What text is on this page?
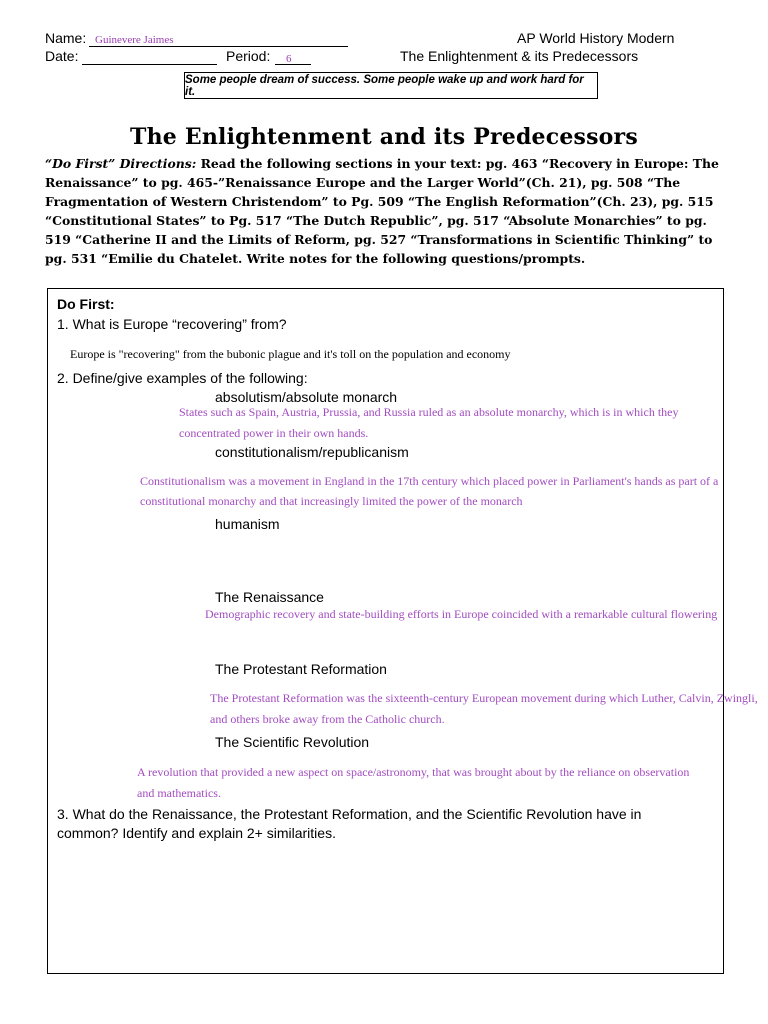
Name: Guinevere Jaimes
Date:	Period: 6
AP World History Modern
The Enlightenment & its Predecessors
Some people dream of success. Some people wake up and work hard for it.
The Enlightenment and its Predecessors
“Do First” Directions: Read the following sections in your text: pg. 463 “Recovery in Europe: The Renaissance” to pg. 465-”Renaissance Europe and the Larger World”(Ch. 21), pg. 508 “The Fragmentation of Western Christendom” to Pg. 509 “The English Reformation”(Ch. 23), pg. 515 “Constitutional States” to Pg. 517 “The Dutch Republic”, pg. 517 “Absolute Monarchies” to pg. 519 “Catherine II and the Limits of Reform, pg. 527 “Transformations in Scientific Thinking” to pg. 531 “Emilie du Chatelet. Write notes for the following questions/prompts.
Do First:
1. What is Europe “recovering” from?
Europe is "recovering" from the bubonic plague and it's toll on the population and economy
2. Define/give examples of the following:
absolutism/absolute monarch
States such as Spain, Austria, Prussia, and Russia ruled as an absolute monarchy, which is in which they concentrated power in their own hands.
constitutionalism/republicanism
Constitutionalism was a movement in England in the 17th century which placed power in Parliament's hands as part of a constitutional monarchy and that increasingly limited the power of the monarch
humanism
The Renaissance
Demographic recovery and state-building efforts in Europe coincided with a remarkable cultural flowering
The Protestant Reformation
The Protestant Reformation was the sixteenth-century European movement during which Luther, Calvin, Zwingli, and others broke away from the Catholic church.
The Scientific Revolution
A revolution that provided a new aspect on space/astronomy, that was brought about by the reliance on observation and mathematics.
3. What do the Renaissance, the Protestant Reformation, and the Scientific Revolution have in
common? Identify and explain 2+ similarities.
